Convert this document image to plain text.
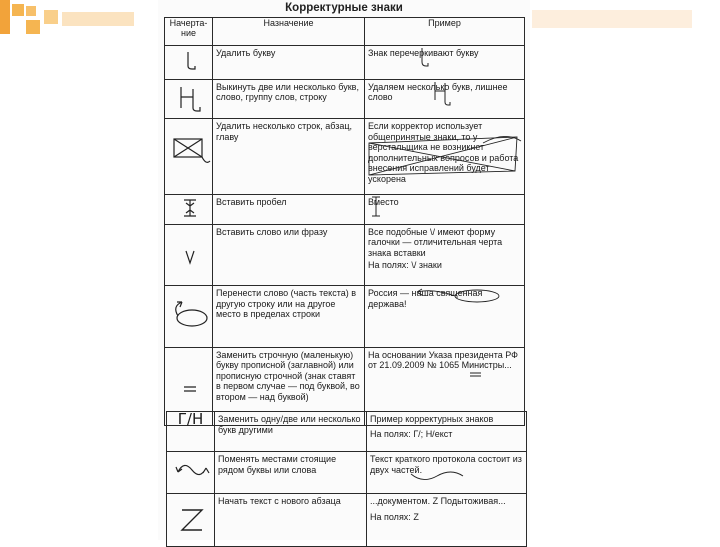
Корректурные знаки
Начерта-ние	Назначение	Пример
	Удалить букву	Знак перечеркивают букву

	Выкинуть две или несколько букв, слово, группу слов, строку	Удаляем несколько букв, лишнее слово

	Удалить несколько строк, абзац, главу	Если корректор использует общепринятые знаки, то у верстальщика не возникнет дополнительных вопросов и работа внесения исправлений будет ускорена

	Вставить пробел	Вместо

	Вставить слово или фразу	Все подобные \/ имеют форму галочки — отличительная черта знака вставки
На полях: \/ знаки

	Перенести слово (часть текста) в другую строку или на другое место в пределах строки	Россия — наша священная держава!

	Заменить строчную (маленькую) букву прописной (заглавной) или прописную строчной (знак ставят в первом случае — под буквой, во втором — над буквой)	На основании Указа президента РФ от 21.09.2009 № 1065 Министры...
Г/Н	Заменить одну/две или несколько букв другими	Пример корректурных знаков
На полях: Г/; Н/екст

	Поменять местами стоящие рядом буквы или слова	Текст краткого протокола состоит из двух частей.

	Начать текст с нового абзаца	...документом. Z Подытоживая...
На полях: Z
